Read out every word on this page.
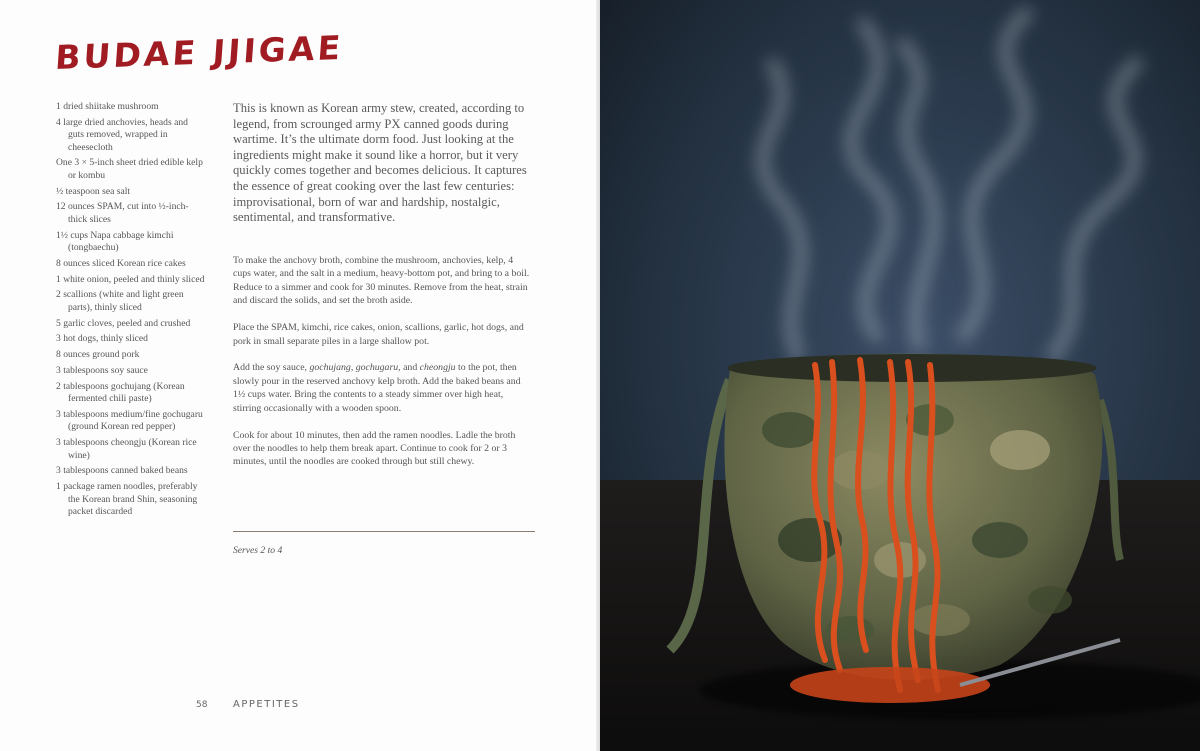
BUDAE JJIGAE
1 dried shiitake mushroom
4 large dried anchovies, heads and guts removed, wrapped in cheesecloth
One 3 × 5-inch sheet dried edible kelp or kombu
½ teaspoon sea salt
12 ounces SPAM, cut into ½-inch-thick slices
1½ cups Napa cabbage kimchi (tongbaechu)
8 ounces sliced Korean rice cakes
1 white onion, peeled and thinly sliced
2 scallions (white and light green parts), thinly sliced
5 garlic cloves, peeled and crushed
3 hot dogs, thinly sliced
8 ounces ground pork
3 tablespoons soy sauce
2 tablespoons gochujang (Korean fermented chili paste)
3 tablespoons medium/fine gochugaru (ground Korean red pepper)
3 tablespoons cheongju (Korean rice wine)
3 tablespoons canned baked beans
1 package ramen noodles, preferably the Korean brand Shin, seasoning packet discarded

This is known as Korean army stew, created, according to legend, from scrounged army PX canned goods during wartime. It’s the ultimate dorm food. Just looking at the ingredients might make it sound like a horror, but it very quickly comes together and becomes delicious. It captures the essence of great cooking over the last few centuries: improvisational, born of war and hardship, nostalgic, sentimental, and transformative.

To make the anchovy broth, combine the mushroom, anchovies, kelp, 4 cups water, and the salt in a medium, heavy-bottom pot, and bring to a boil. Reduce to a simmer and cook for 30 minutes. Remove from the heat, strain and discard the solids, and set the broth aside.

Place the SPAM, kimchi, rice cakes, onion, scallions, garlic, hot dogs, and pork in small separate piles in a large shallow pot.

Add the soy sauce, gochujang, gochugaru, and cheongju to the pot, then slowly pour in the reserved anchovy kelp broth. Add the baked beans and 1½ cups water. Bring the contents to a steady simmer over high heat, stirring occasionally with a wooden spoon.

Cook for about 10 minutes, then add the ramen noodles. Ladle the broth over the noodles to help them break apart. Continue to cook for 2 or 3 minutes, until the noodles are cooked through but still chewy.

Serves 2 to 4
58	APPETITES
